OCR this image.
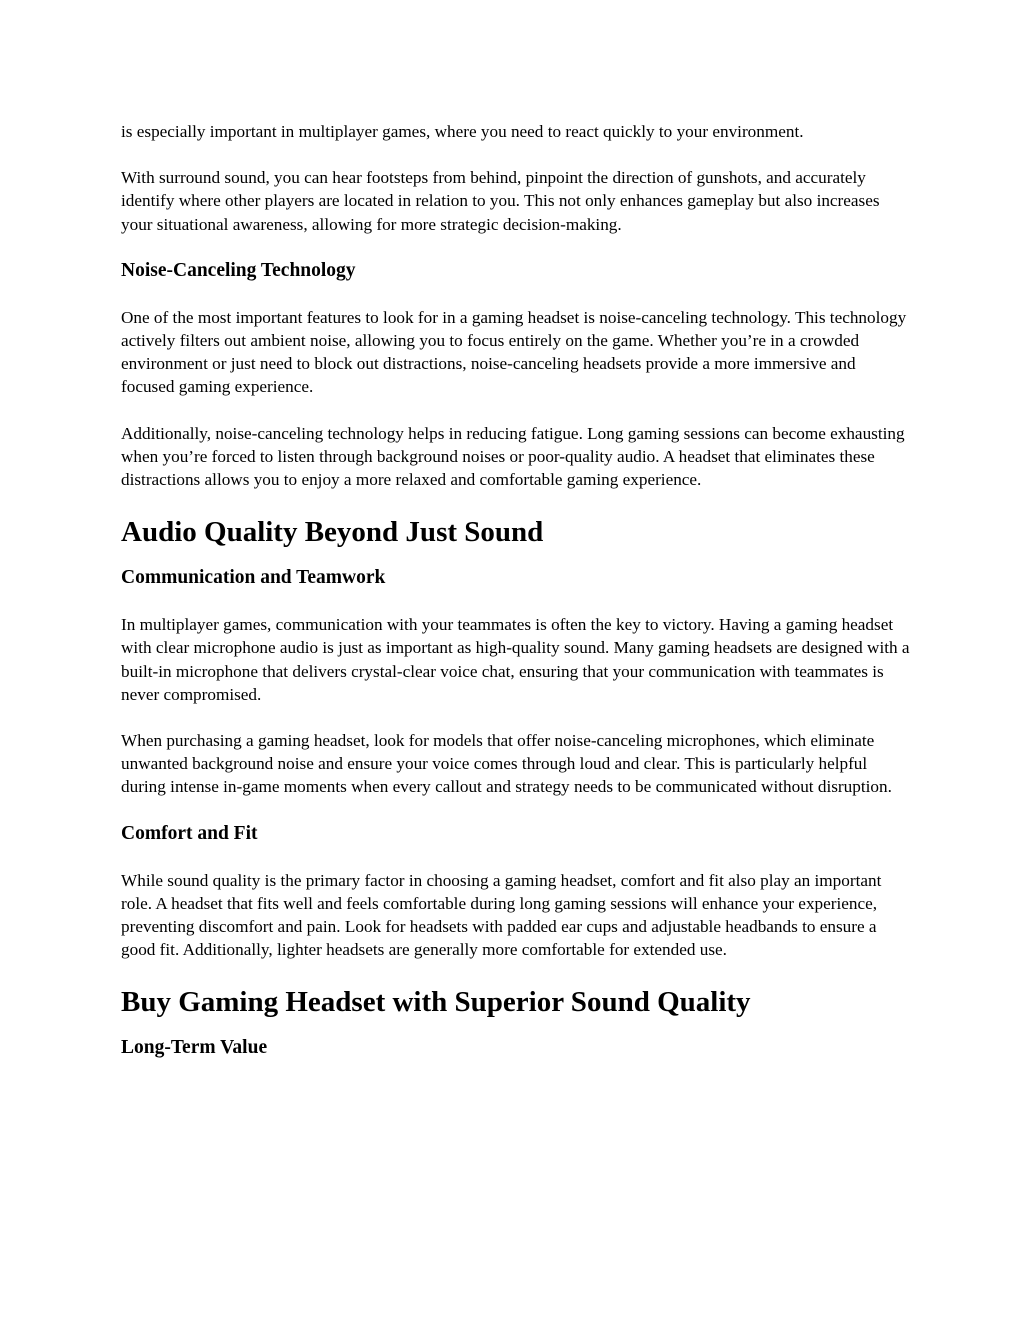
is especially important in multiplayer games, where you need to react quickly to your environment.

With surround sound, you can hear footsteps from behind, pinpoint the direction of gunshots, and accurately identify where other players are located in relation to you. This not only enhances gameplay but also increases your situational awareness, allowing for more strategic decision-making.

Noise-Canceling Technology

One of the most important features to look for in a gaming headset is noise-canceling technology. This technology actively filters out ambient noise, allowing you to focus entirely on the game. Whether you’re in a crowded environment or just need to block out distractions, noise-canceling headsets provide a more immersive and focused gaming experience.

Additionally, noise-canceling technology helps in reducing fatigue. Long gaming sessions can become exhausting when you’re forced to listen through background noises or poor-quality audio. A headset that eliminates these distractions allows you to enjoy a more relaxed and comfortable gaming experience.

Audio Quality Beyond Just Sound
Communication and Teamwork

In multiplayer games, communication with your teammates is often the key to victory. Having a gaming headset with clear microphone audio is just as important as high-quality sound. Many gaming headsets are designed with a built-in microphone that delivers crystal-clear voice chat, ensuring that your communication with teammates is never compromised.

When purchasing a gaming headset, look for models that offer noise-canceling microphones, which eliminate unwanted background noise and ensure your voice comes through loud and clear. This is particularly helpful during intense in-game moments when every callout and strategy needs to be communicated without disruption.

Comfort and Fit

While sound quality is the primary factor in choosing a gaming headset, comfort and fit also play an important role. A headset that fits well and feels comfortable during long gaming sessions will enhance your experience, preventing discomfort and pain. Look for headsets with padded ear cups and adjustable headbands to ensure a good fit. Additionally, lighter headsets are generally more comfortable for extended use.

Buy Gaming Headset with Superior Sound Quality
Long-Term Value
